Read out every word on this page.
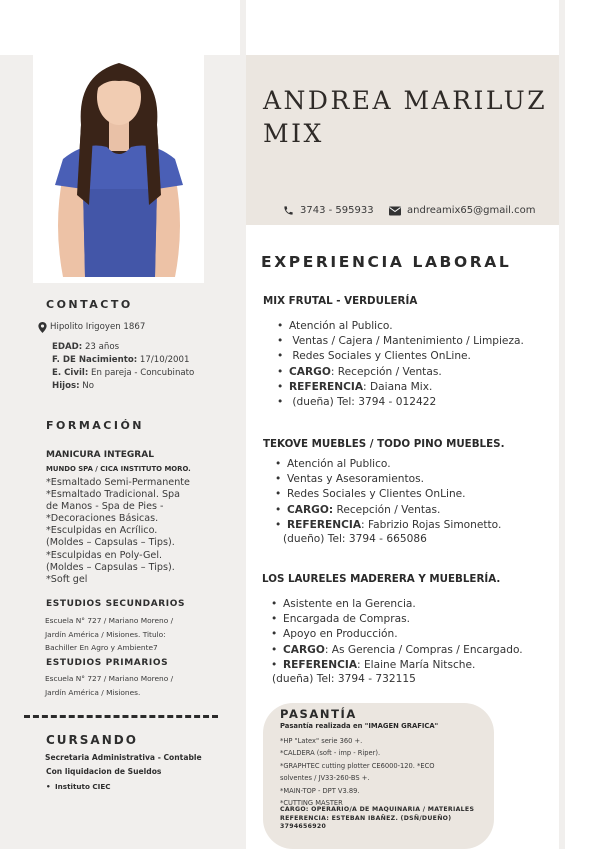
ANDREA MARILUZ MIX
3743 - 595933	andreamix65@gmail.com
CONTACTO
Hipolito Irigoyen 1867
EDAD: 23 años
F. DE Nacimiento: 17/10/2001
E. Civil: En pareja - Concubinato
Hijos: No
FORMACIÓN
MANICURA INTEGRAL
MUNDO SPA / CICA INSTITUTO MORO.
*Esmaltado Semi-Permanente
*Esmaltado Tradicional. Spa
de Manos - Spa de Pies -
*Decoraciones Básicas.
*Esculpidas en Acrílico.
(Moldes – Capsulas – Tips).
*Esculpidas en Poly-Gel.
(Moldes – Capsulas – Tips).
*Soft gel
ESTUDIOS SECUNDARIOS
Escuela N° 727 / Mariano Moreno /
Jardín América / Misiones. Titulo:
Bachiller En Agro y Ambiente7
ESTUDIOS PRIMARIOS
Escuela N° 727 / Mariano Moreno /
Jardín América / Misiones.
CURSANDO
Secretaria Administrativa - Contable
Con liquidacion de Sueldos
• Instituto CIEC
EXPERIENCIA LABORAL
MIX FRUTAL - VERDULERÍA
• Atención al Publico.
• Ventas / Cajera / Mantenimiento / Limpieza.
• Redes Sociales y Clientes OnLine.
• CARGO: Recepción / Ventas.
• REFERENCIA: Daiana Mix.
• (dueña) Tel: 3794 - 012422
TEKOVE MUEBLES / TODO PINO MUEBLES.
• Atención al Publico.
• Ventas y Asesoramientos.
• Redes Sociales y Clientes OnLine.
• CARGO: Recepción / Ventas.
• REFERENCIA: Fabrizio Rojas Simonetto.
(dueño) Tel: 3794 - 665086
LOS LAURELES MADERERA Y MUEBLERÍA.
• Asistente en la Gerencia.
• Encargada de Compras.
• Apoyo en Producción.
• CARGO: As Gerencia / Compras / Encargado.
• REFERENCIA: Elaine María Nitsche.
(dueña) Tel: 3794 - 732115
PASANTÍA
Pasantía realizada en "IMAGEN GRAFICA"
*HP "Latex" serie 360 +.
*CALDERA (soft - imp - Riper).
*GRAPHTEC cutting plotter CE6000-120. *ECO
solventes / JV33-260-BS +.
*MAIN-TOP - DPT V3.89.
*CUTTING MASTER
CARGO: OPERARIO/A DE MAQUINARIA / MATERIALES
REFERENCIA: ESTEBAN IBAÑEZ. (DSÑ/DUEÑO)
3794656920
